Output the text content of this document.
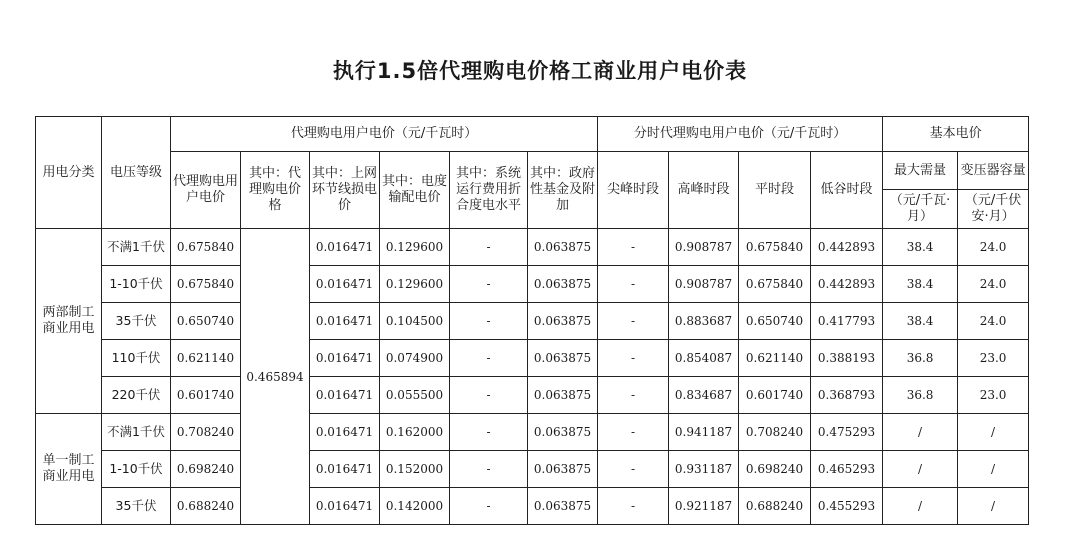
执行1.5倍代理购电价格工商业用户电价表
用电分类	电压等级	代理购电用户电价（元/千瓦时）						分时代理购电用户电价（元/千瓦时）				基本电价	
		代理购电用户电价	其中：代理购电价格	其中：上网环节线损电价	其中：电度输配电价	其中：系统运行费用折合度电水平	其中：政府性基金及附加	尖峰时段	高峰时段	平时段	低谷时段	最大需量	变压器容量
												（元/千瓦·月）	（元/千伏安·月）
两部制工商业用电	不满1千伏	0.675840	0.465894	0.016471	0.129600	-	0.063875	-	0.908787	0.675840	0.442893	38.4	24.0
	1-10千伏	0.675840		0.016471	0.129600	-	0.063875	-	0.908787	0.675840	0.442893	38.4	24.0
	35千伏	0.650740		0.016471	0.104500	-	0.063875	-	0.883687	0.650740	0.417793	38.4	24.0
	110千伏	0.621140		0.016471	0.074900	-	0.063875	-	0.854087	0.621140	0.388193	36.8	23.0
	220千伏	0.601740		0.016471	0.055500	-	0.063875	-	0.834687	0.601740	0.368793	36.8	23.0
单一制工商业用电	不满1千伏	0.708240		0.016471	0.162000	-	0.063875	-	0.941187	0.708240	0.475293	/	/
	1-10千伏	0.698240		0.016471	0.152000	-	0.063875	-	0.931187	0.698240	0.465293	/	/
	35千伏	0.688240		0.016471	0.142000	-	0.063875	-	0.921187	0.688240	0.455293	/	/
